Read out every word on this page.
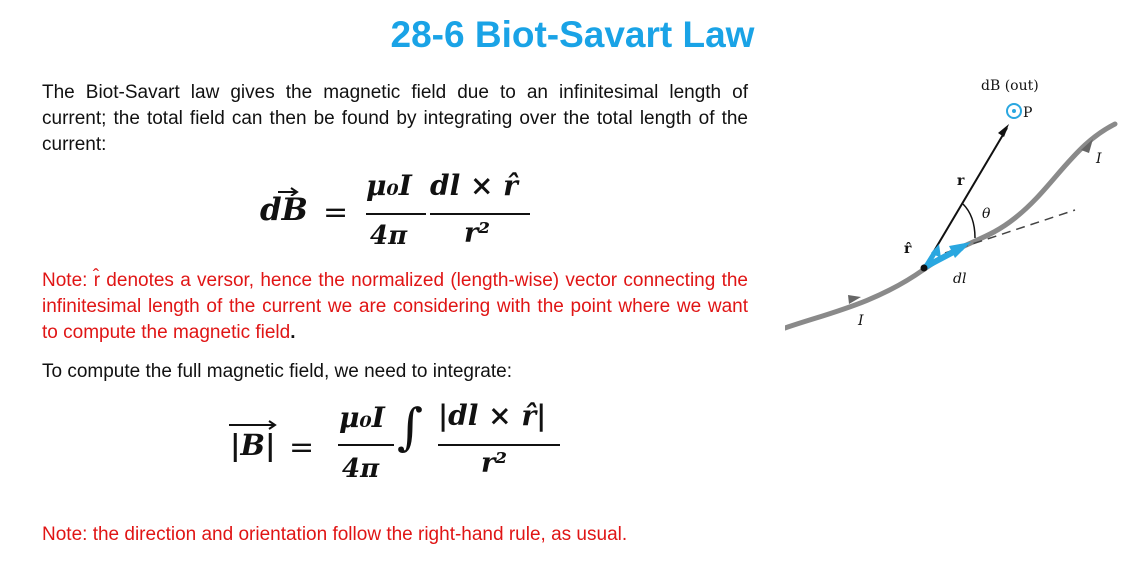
28-6 Biot-Savart Law
The Biot-Savart law gives the magnetic field due to an infinitesimal length of current; the total field can then be found by integrating over the total length of the current:
dB =
μ₀I dl × r̂
4π r²
Note: r̂ denotes a versor, hence the normalized (length-wise) vector connecting the infinitesimal length of the current we are considering with the point where we want to compute the magnetic field.
To compute the full magnetic field, we need to integrate:
|B| =
μ₀I
4π
∫ |dl × r̂|
r²
Note: the direction and orientation follow the right-hand rule, as usual.
dB (out)
P
r
θ
r̂
dl
I
I
